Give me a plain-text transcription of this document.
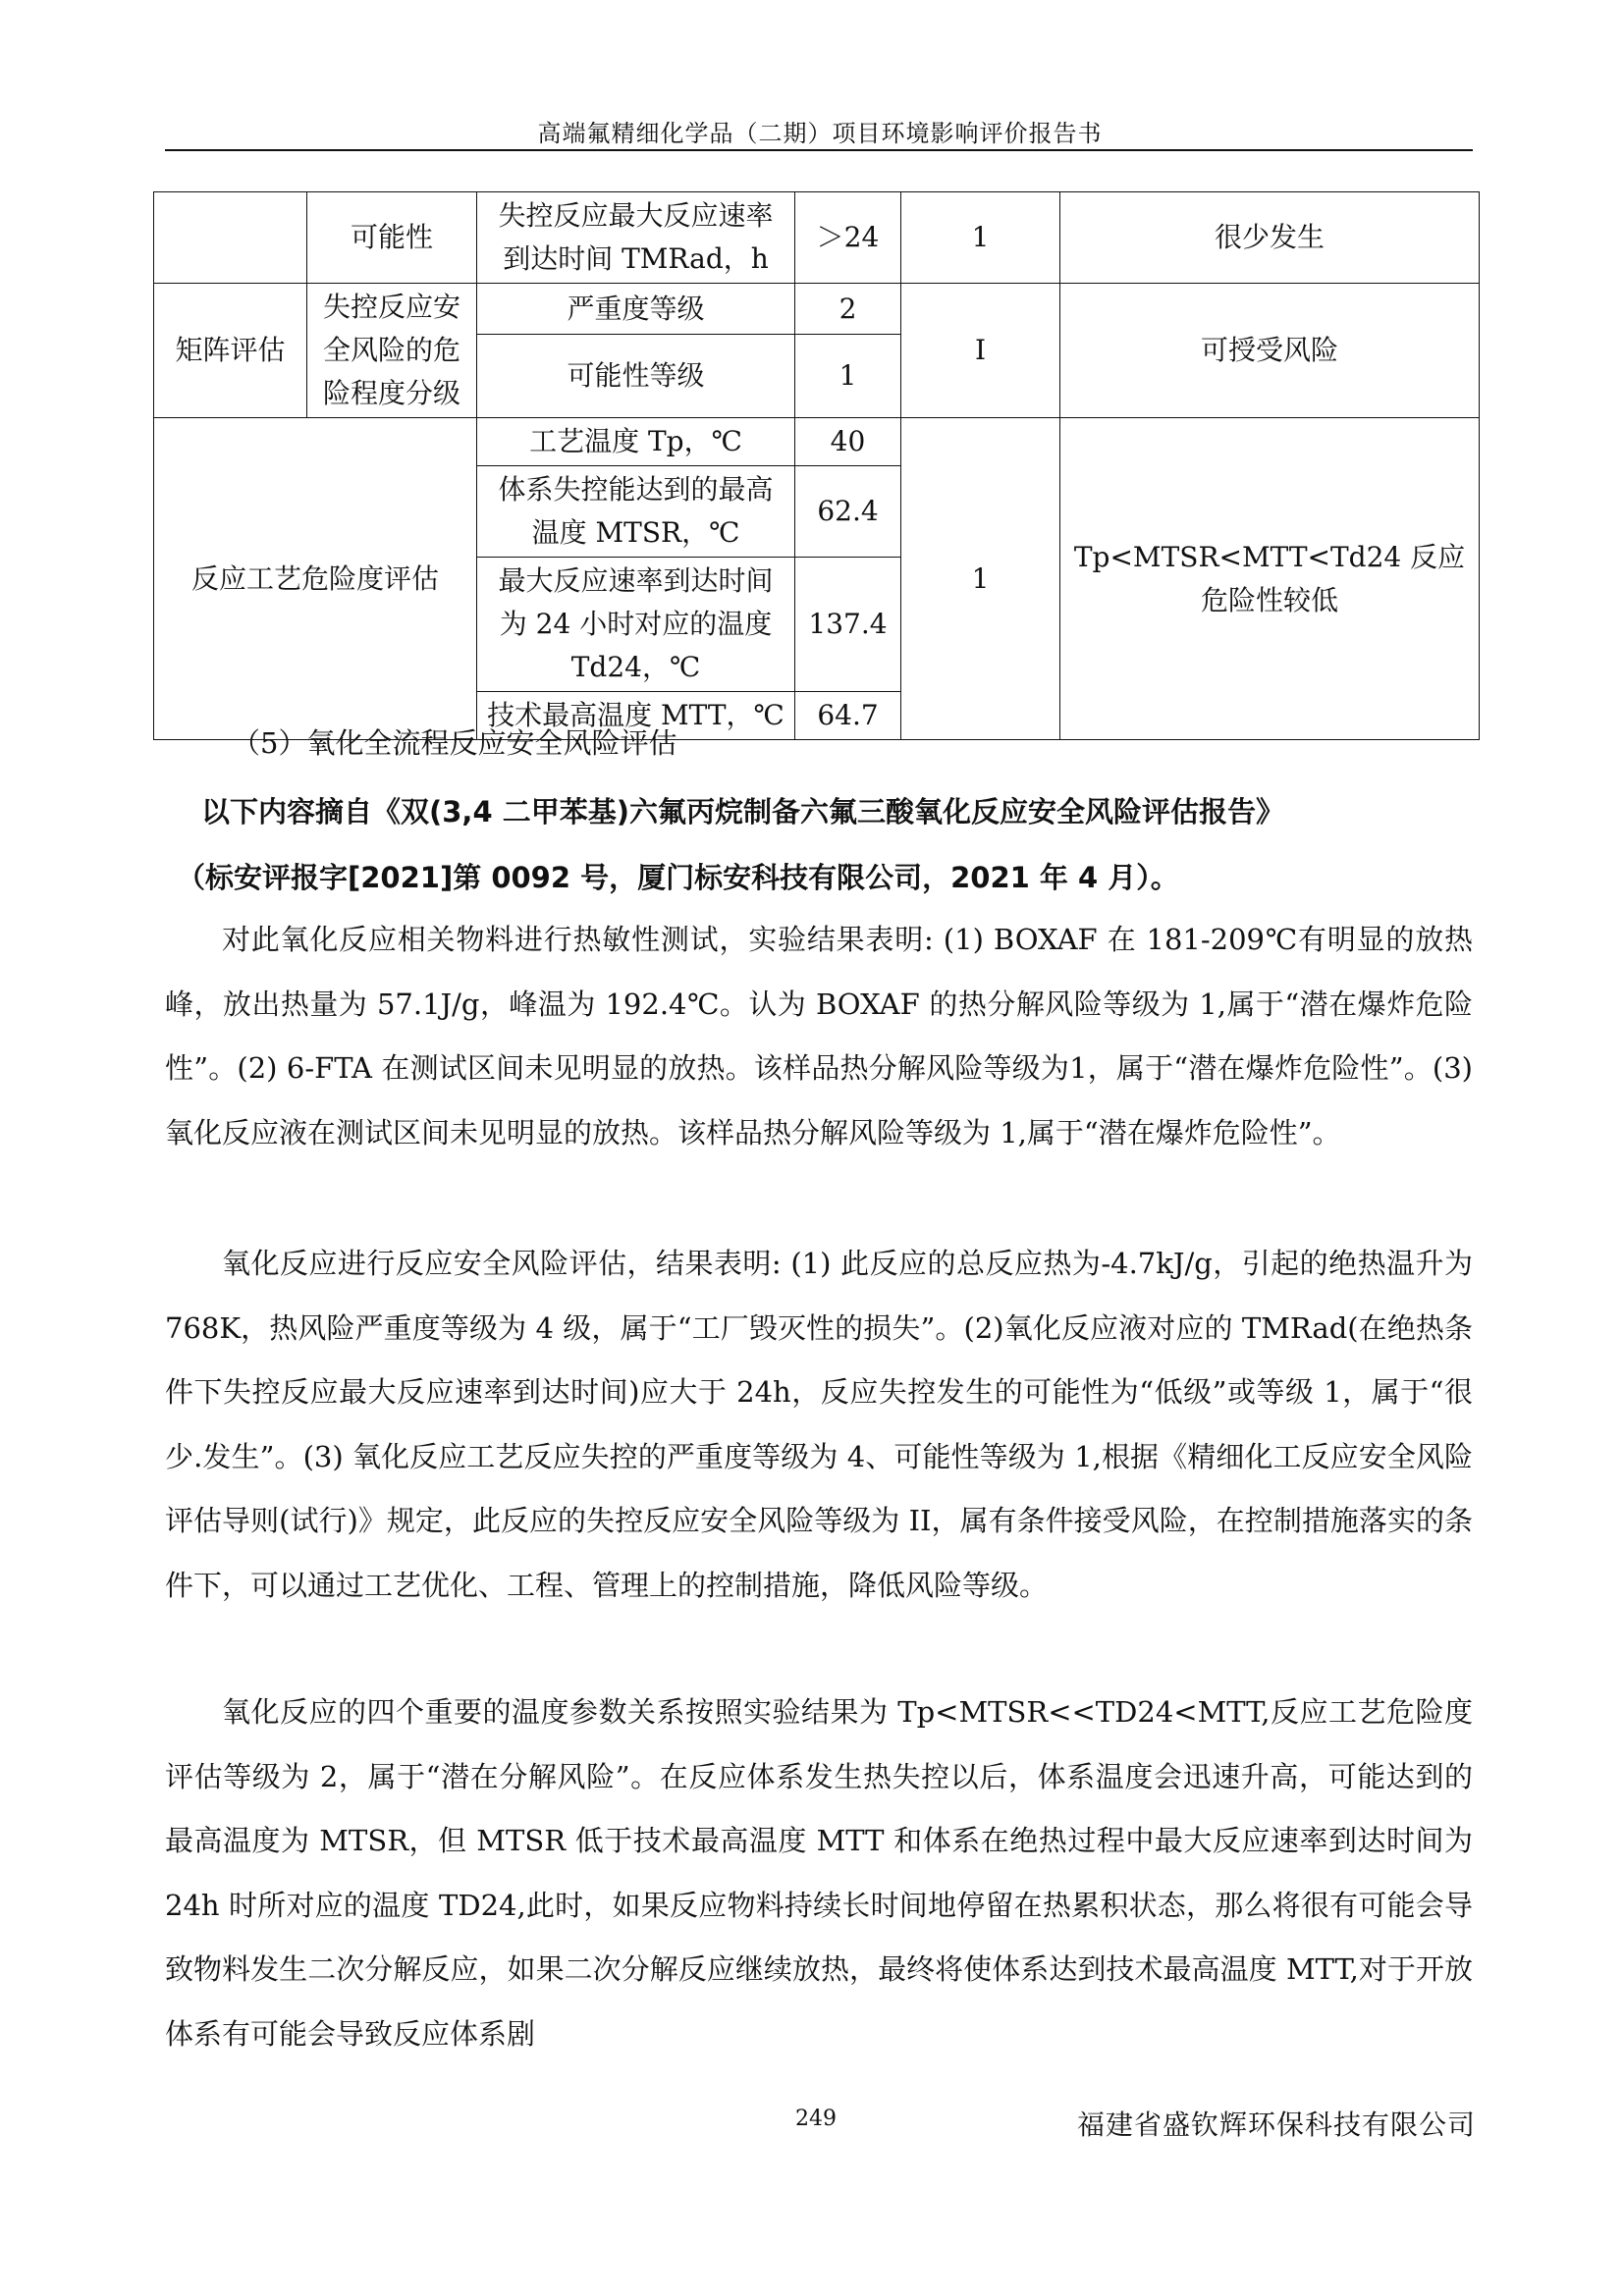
高端氟精细化学品（二期）项目环境影响评价报告书
	可能性	失控反应最大反应速率到达时间 TMRad，h	＞24	1	很少发生
矩阵评估	失控反应安全风险的危险程度分级	严重度等级	2	I	可授受风险
		可能性等级	1		
反应工艺危险度评估		工艺温度 Tp，℃	40	1	Tp<MTSR<MTT<Td24 反应危险性较低
		体系失控能达到的最高温度 MTSR，℃	62.4		
		最大反应速率到达时间为 24 小时对应的温度 Td24，℃	137.4		
		技术最高温度 MTT，℃	64.7		
（5）氧化全流程反应安全风险评估
以下内容摘自《双(3,4 二甲苯基)六氟丙烷制备六氟三酸氧化反应安全风险评估报告》
（标安评报字[2021]第 0092 号，厦门标安科技有限公司，2021 年 4 月）。
对此氧化反应相关物料进行热敏性测试，实验结果表明: (1) BOXAF 在 181-209℃有明显的放热峰，放出热量为 57.1J/g，峰温为 192.4℃。认为 BOXAF 的热分解风险等级为 1,属于“潜在爆炸危险性”。(2) 6-FTA 在测试区间未见明显的放热。该样品热分解风险等级为1，属于“潜在爆炸危险性”。(3) 氧化反应液在测试区间未见明显的放热。该样品热分解风险等级为 1,属于“潜在爆炸危险性”。
氧化反应进行反应安全风险评估，结果表明: (1) 此反应的总反应热为-4.7kJ/g，引起的绝热温升为 768K，热风险严重度等级为 4 级，属于“工厂毁灭性的损失”。(2)氧化反应液对应的 TMRad(在绝热条件下失控反应最大反应速率到达时间)应大于 24h，反应失控发生的可能性为“低级”或等级 1，属于“很少.发生”。(3) 氧化反应工艺反应失控的严重度等级为 4、可能性等级为 1,根据《精细化工反应安全风险评估导则(试行)》规定，此反应的失控反应安全风险等级为 II，属有条件接受风险，在控制措施落实的条件下，可以通过工艺优化、工程、管理上的控制措施，降低风险等级。
氧化反应的四个重要的温度参数关系按照实验结果为 Tp<MTSR<<TD24<MTT,反应工艺危险度评估等级为 2，属于“潜在分解风险”。在反应体系发生热失控以后，体系温度会迅速升高，可能达到的最高温度为 MTSR，但 MTSR 低于技术最高温度 MTT 和体系在绝热过程中最大反应速率到达时间为 24h 时所对应的温度 TD24,此时，如果反应物料持续长时间地停留在热累积状态，那么将很有可能会导致物料发生二次分解反应，如果二次分解反应继续放热，最终将使体系达到技术最高温度 MTT,对于开放体系有可能会导致反应体系剧
249	福建省盛钦辉环保科技有限公司
